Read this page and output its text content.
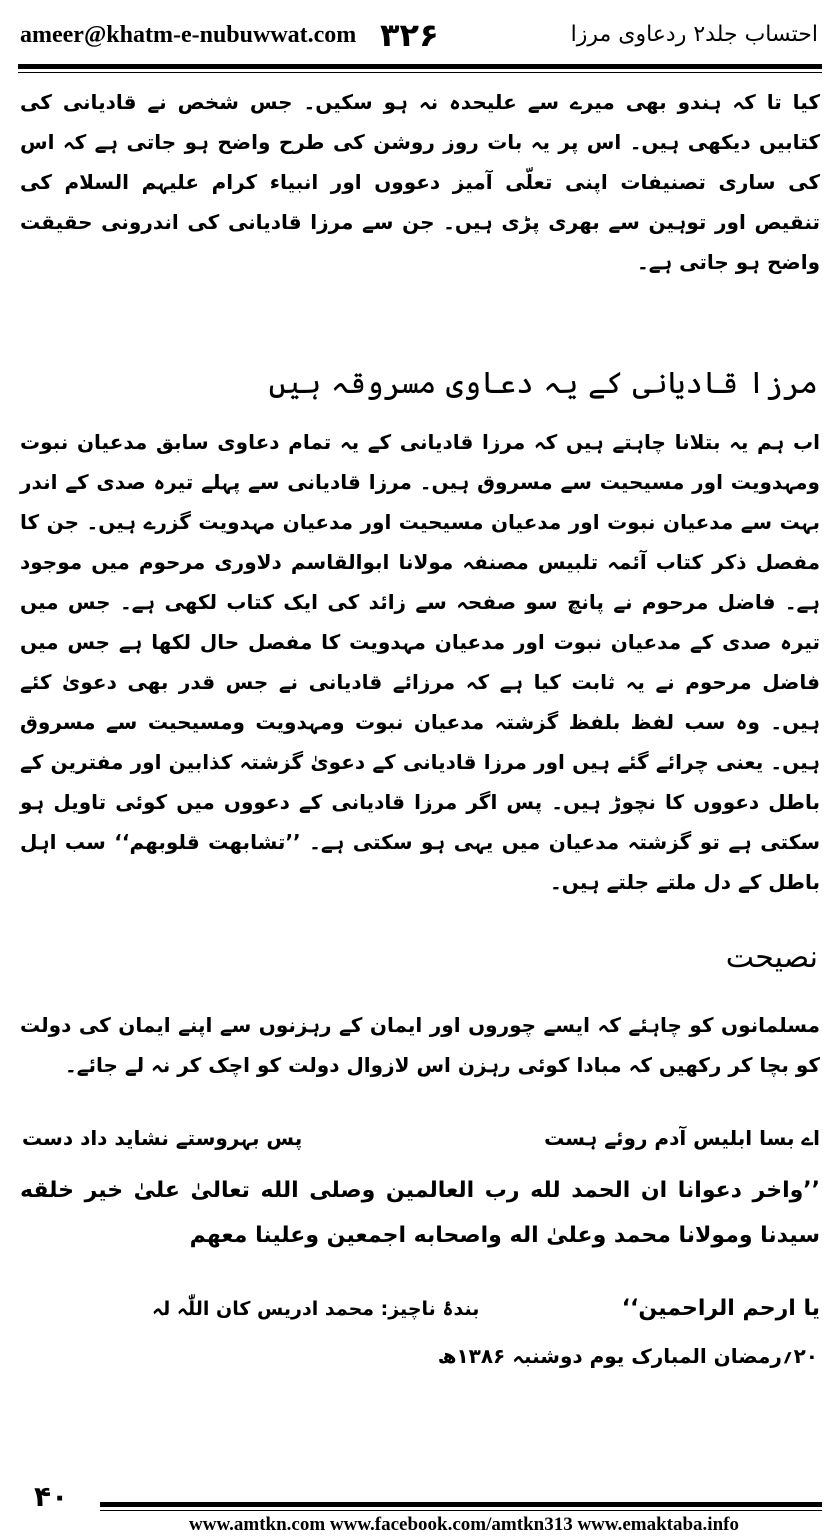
ameer@khatm-e-nubuwwat.com ۳۲۶	احتساب جلد۲ ردعاوی مرزا
کیا تا کہ ہندو بھی میرے سے علیحدہ نہ ہو سکیں۔ جس شخص نے قادیانی کی کتابیں دیکھی ہیں۔ اس پر یہ بات روز روشن کی طرح واضح ہو جاتی ہے کہ اس کی ساری تصنیفات اپنی تعلّی آمیز دعووں اور انبیاء کرام علیہم السلام کی تنقیص اور توہین سے بھری پڑی ہیں۔ جن سے مرزا قادیانی کی اندرونی حقیقت واضح ہو جاتی ہے۔
مرزا قادیانی کے یہ دعاوی مسروقہ ہیں
اب ہم یہ بتلانا چاہتے ہیں کہ مرزا قادیانی کے یہ تمام دعاوی سابق مدعیان نبوت ومہدویت اور مسیحیت سے مسروق ہیں۔ مرزا قادیانی سے پہلے تیرہ صدی کے اندر بہت سے مدعیان نبوت اور مدعیان مسیحیت اور مدعیان مہدویت گزرے ہیں۔ جن کا مفصل ذکر کتاب آئمہ تلبیس مصنفہ مولانا ابوالقاسم دلاوری مرحوم میں موجود ہے۔ فاضل مرحوم نے پانچ سو صفحہ سے زائد کی ایک کتاب لکھی ہے۔ جس میں تیرہ صدی کے مدعیان نبوت اور مدعیان مہدویت کا مفصل حال لکھا ہے جس میں فاضل مرحوم نے یہ ثابت کیا ہے کہ مرزائے قادیانی نے جس قدر بھی دعویٰ کئے ہیں۔ وہ سب لفظ بلفظ گزشتہ مدعیان نبوت ومہدویت ومسیحیت سے مسروق ہیں۔ یعنی چرائے گئے ہیں اور مرزا قادیانی کے دعویٰ گزشتہ کذابین اور مفترین کے باطل دعووں کا نچوڑ ہیں۔ پس اگر مرزا قادیانی کے دعووں میں کوئی تاویل ہو سکتی ہے تو گزشتہ مدعیان میں یہی ہو سکتی ہے۔ ’’تشابهت قلوبهم‘‘ سب اہل باطل کے دل ملتے جلتے ہیں۔
نصیحت
مسلمانوں کو چاہئے کہ ایسے چوروں اور ایمان کے رہزنوں سے اپنے ایمان کی دولت کو بچا کر رکھیں کہ مبادا کوئی رہزن اس لازوال دولت کو اچک کر نہ لے جائے۔
اے بسا ابلیس آدم روئے ہست
پس بہروستے نشاید داد دست
’’واخر دعوانا ان الحمد لله رب العالمين وصلى الله تعالىٰ علىٰ خير خلقه سيدنا ومولانا محمد وعلىٰ اله واصحابه اجمعين وعلينا معهم
يا ارحم الراحمين‘‘
بندۂ ناچیز: محمد ادریس کان اللّٰہ لہ
۲۰؍رمضان المبارک یوم دوشنبہ ۱۳۸۶ھ
۴۰
www.amtkn.com www.facebook.com/amtkn313 www.emaktaba.info
